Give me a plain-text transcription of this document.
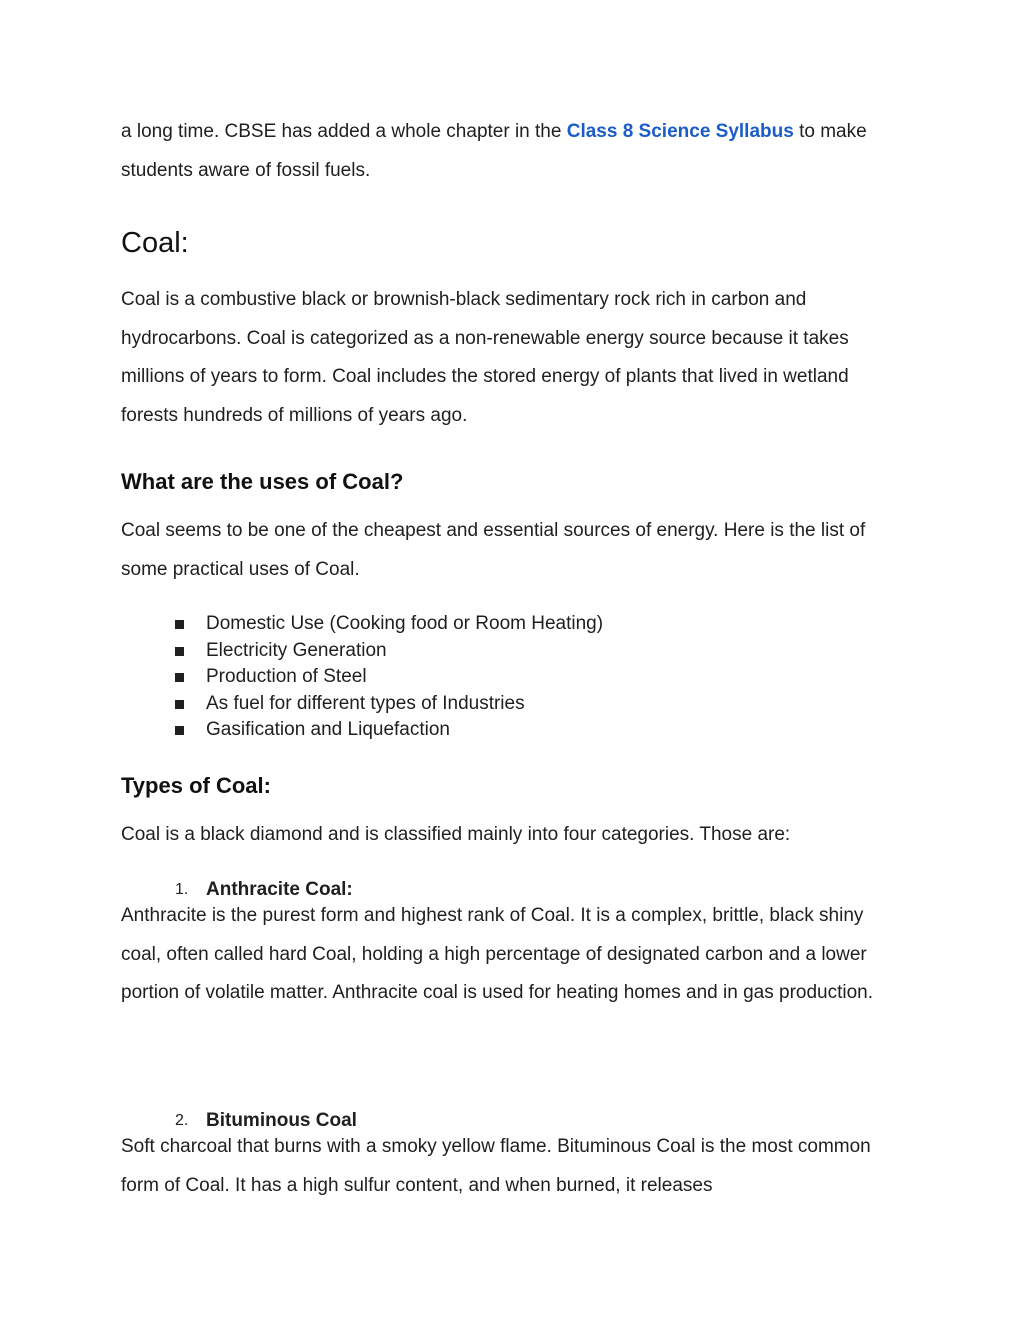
a long time. CBSE has added a whole chapter in the Class 8 Science Syllabus to make students aware of fossil fuels.

Coal:

Coal is a combustive black or brownish-black sedimentary rock rich in carbon and hydrocarbons. Coal is categorized as a non-renewable energy source because it takes millions of years to form. Coal includes the stored energy of plants that lived in wetland forests hundreds of millions of years ago.

What are the uses of Coal?

Coal seems to be one of the cheapest and essential sources of energy. Here is the list of some practical uses of Coal.

Domestic Use (Cooking food or Room Heating)
Electricity Generation
Production of Steel
As fuel for different types of Industries
Gasification and Liquefaction
Types of Coal:

Coal is a black diamond and is classified mainly into four categories. Those are:

1. Anthracite Coal:

Anthracite is the purest form and highest rank of Coal. It is a complex, brittle, black shiny coal, often called hard Coal, holding a high percentage of designated carbon and a lower portion of volatile matter. Anthracite coal is used for heating homes and in gas production.

2. Bituminous Coal

Soft charcoal that burns with a smoky yellow flame. Bituminous Coal is the most common form of Coal. It has a high sulfur content, and when burned, it releases
